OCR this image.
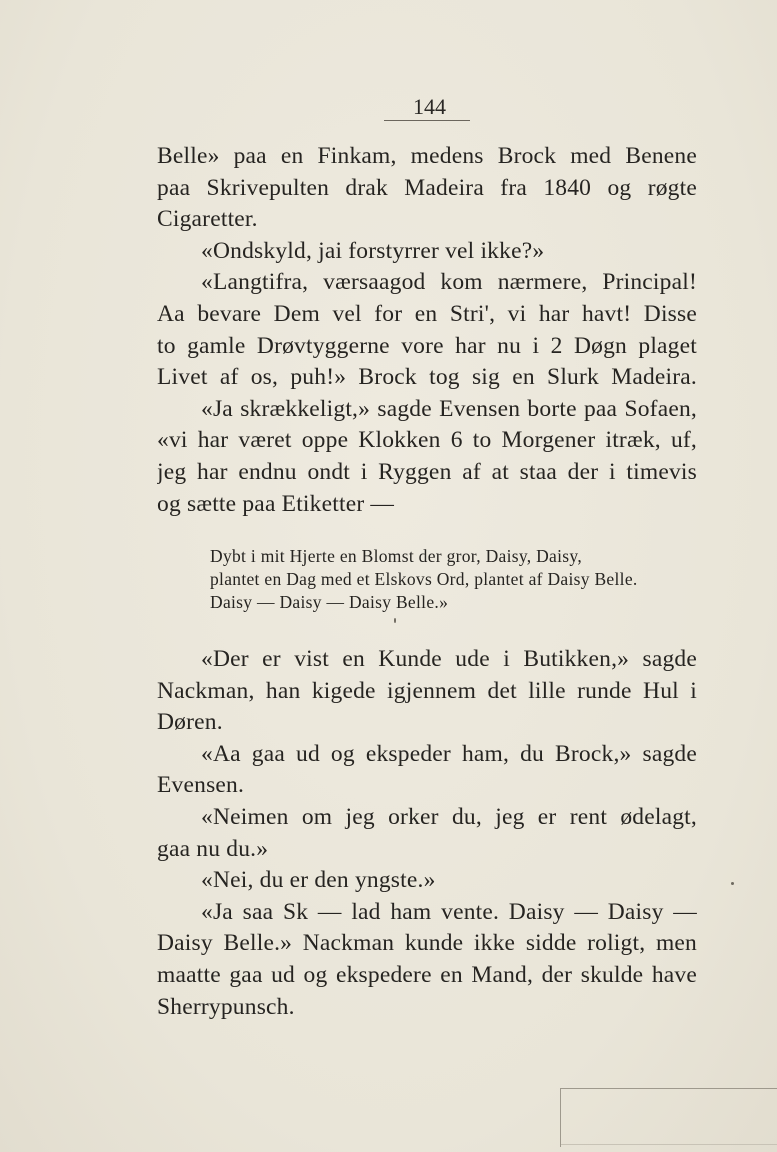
144
Belle» paa en Finkam, medens Brock med Benene
paa Skrivepulten drak Madeira fra 1840 og røgte
Cigaretter.
«Ondskyld, jai forstyrrer vel ikke?»
«Langtifra, værsaagod kom nærmere, Principal!
Aa bevare Dem vel for en Stri', vi har havt! Disse
to gamle Drøvtyggerne vore har nu i 2 Døgn plaget
Livet af os, puh!» Brock tog sig en Slurk Madeira.
«Ja skrækkeligt,» sagde Evensen borte paa Sofaen,
«vi har været oppe Klokken 6 to Morgener itræk, uf,
jeg har endnu ondt i Ryggen af at staa der i timevis
og sætte paa Etiketter —
Dybt i mit Hjerte en Blomst der gror, Daisy, Daisy,
plantet en Dag med et Elskovs Ord, plantet af Daisy Belle.
Daisy — Daisy — Daisy Belle.»
«Der er vist en Kunde ude i Butikken,» sagde
Nackman, han kigede igjennem det lille runde Hul i
Døren.
«Aa gaa ud og ekspeder ham, du Brock,» sagde
Evensen.
«Neimen om jeg orker du, jeg er rent ødelagt,
gaa nu du.»
«Nei, du er den yngste.»
«Ja saa Sk — lad ham vente. Daisy — Daisy —
Daisy Belle.» Nackman kunde ikke sidde roligt, men
maatte gaa ud og ekspedere en Mand, der skulde have
Sherrypunsch.
